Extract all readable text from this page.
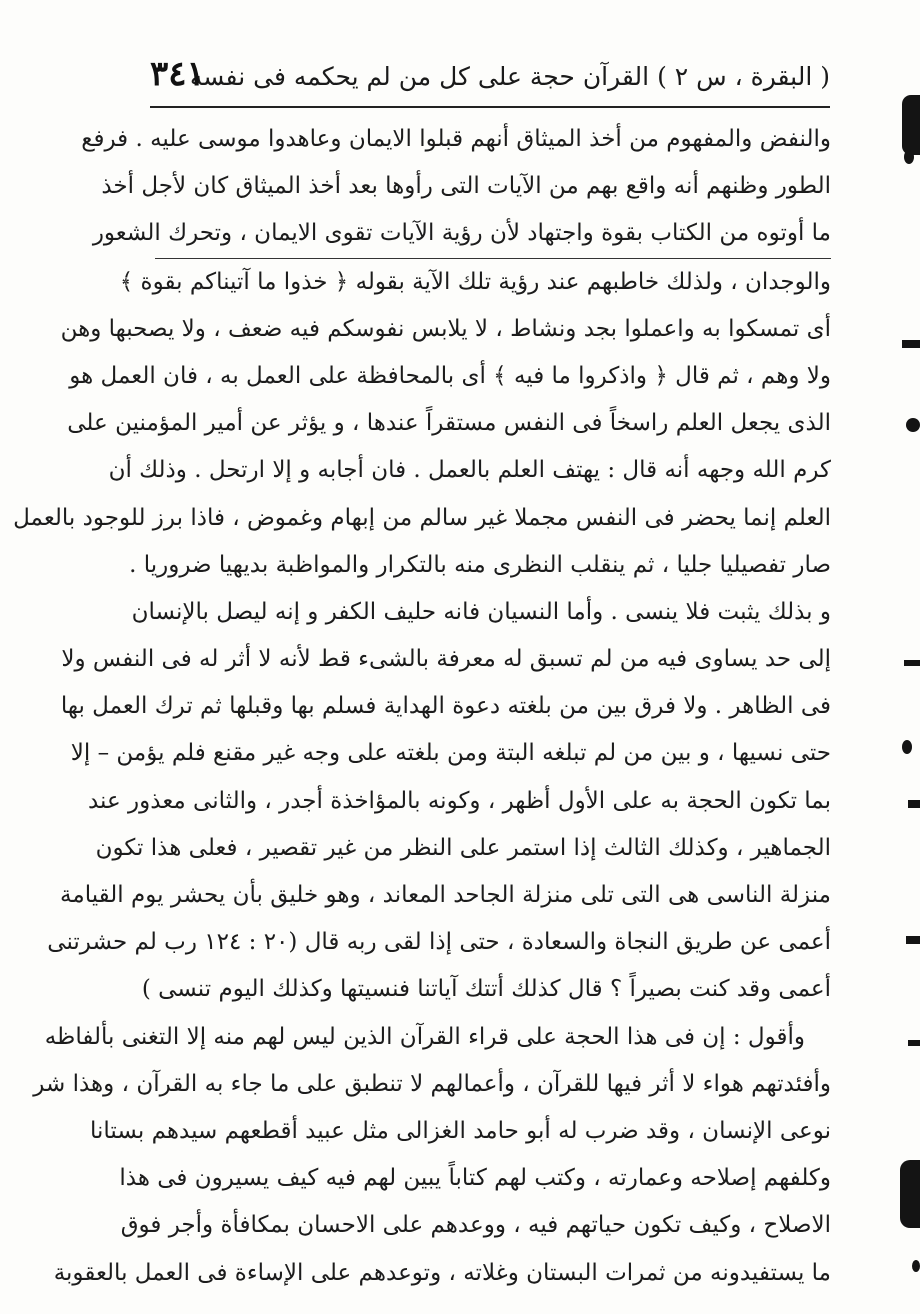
( البقرة ، س ٢ ) القرآن حجة على كل من لم يحكمه فى نفسه
٣٤١
والنفض والمفهوم من أخذ الميثاق أنهم قبلوا الايمان وعاهدوا موسى عليه . فرفع
الطور وظنهم أنه واقع بهم من الآيات التى رأوها بعد أخذ الميثاق كان لأجل أخذ
ما أوتوه من الكتاب بقوة واجتهاد لأن رؤية الآيات تقوى الايمان ، وتحرك الشعور
والوجدان ، ولذلك خاطبهم عند رؤية تلك الآية بقوله ﴿ خذوا ما آتيناكم بقوة ﴾
أى تمسكوا به واعملوا بجد ونشاط ، لا يلابس نفوسكم فيه ضعف ، ولا يصحبها وهن
ولا وهم ، ثم قال ﴿ واذكروا ما فيه ﴾ أى بالمحافظة على العمل به ، فان العمل هو
الذى يجعل العلم راسخاً فى النفس مستقراً عندها ، و يؤثر عن أمير المؤمنين على
كرم الله وجهه أنه قال : يهتف العلم بالعمل . فان أجابه و إلا ارتحل . وذلك أن
العلم إنما يحضر فى النفس مجملا غير سالم من إبهام وغموض ، فاذا برز للوجود بالعمل
صار تفصيليا جليا ، ثم ينقلب النظرى منه بالتكرار والمواظبة بديهيا ضروريا .
و بذلك يثبت فلا ينسى . وأما النسيان فانه حليف الكفر و إنه ليصل بالإنسان
إلى حد يساوى فيه من لم تسبق له معرفة بالشىء قط لأنه لا أثر له فى النفس ولا
فى الظاهر . ولا فرق بين من بلغته دعوة الهداية فسلم بها وقبلها ثم ترك العمل بها
حتى نسيها ، و بين من لم تبلغه البتة ومن بلغته على وجه غير مقنع فلم يؤمن – إلا
بما تكون الحجة به على الأول أظهر ، وكونه بالمؤاخذة أجدر ، والثانى معذور عند
الجماهير ، وكذلك الثالث إذا استمر على النظر من غير تقصير ، فعلى هذا تكون
منزلة الناسى هى التى تلى منزلة الجاحد المعاند ، وهو خليق بأن يحشر يوم القيامة
أعمى عن طريق النجاة والسعادة ، حتى إذا لقى ربه قال (٢٠ : ١٢٤ رب لم حشرتنى
أعمى وقد كنت بصيراً ؟ قال كذلك أتتك آياتنا فنسيتها وكذلك اليوم تنسى )
وأقول : إن فى هذا الحجة على قراء القرآن الذين ليس لهم منه إلا التغنى بألفاظه
وأفئدتهم هواء لا أثر فيها للقرآن ، وأعمالهم لا تنطبق على ما جاء به القرآن ، وهذا شر
نوعى الإنسان ، وقد ضرب له أبو حامد الغزالى مثل عبيد أقطعهم سيدهم بستانا
وكلفهم إصلاحه وعمارته ، وكتب لهم كتاباً يبين لهم فيه كيف يسيرون فى هذا
الاصلاح ، وكيف تكون حياتهم فيه ، ووعدهم على الاحسان بمكافأة وأجر فوق
ما يستفيدونه من ثمرات البستان وغلاته ، وتوعدهم على الإساءة فى العمل بالعقوبة
